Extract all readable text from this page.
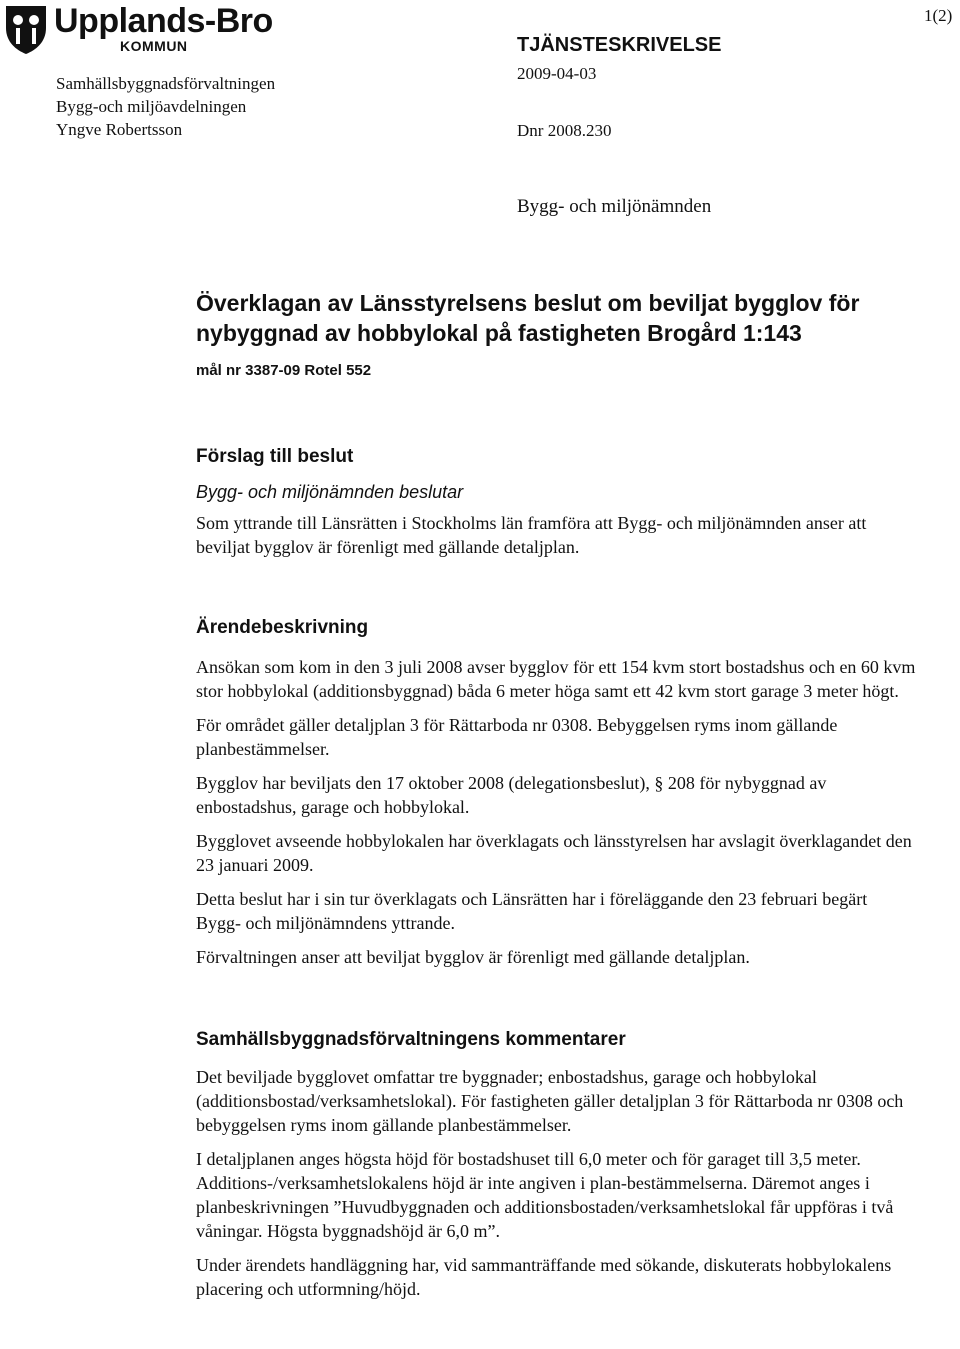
Upplands-Bro
KOMMUN
Samhällsbyggnadsförvaltningen
Bygg-och miljöavdelningen
Yngve Robertsson
TJÄNSTESKRIVELSE
2009-04-03
Dnr 2008.230
1(2)
Bygg- och miljönämnden
Överklagan av Länsstyrelsens beslut om beviljat bygglov för nybyggnad av hobbylokal på fastigheten Brogård 1:143
mål nr 3387-09 Rotel 552
Förslag till beslut
Bygg- och miljönämnden beslutar

Som yttrande till Länsrätten i Stockholms län framföra att Bygg- och miljönämnden anser att beviljat bygglov är förenligt med gällande detaljplan.

Ärendebeskrivning

Ansökan som kom in den 3 juli 2008 avser bygglov för ett 154 kvm stort bostadshus och en 60 kvm stor hobbylokal (additionsbyggnad) båda 6 meter höga samt ett 42 kvm stort garage 3 meter högt.

För området gäller detaljplan 3 för Rättarboda nr 0308. Bebyggelsen ryms inom gällande planbestämmelser.

Bygglov har beviljats den 17 oktober 2008 (delegationsbeslut), § 208 för nybyggnad av enbostadshus, garage och hobbylokal.

Bygglovet avseende hobbylokalen har överklagats och länsstyrelsen har avslagit överklagandet den 23 januari 2009.

Detta beslut har i sin tur överklagats och Länsrätten har i föreläggande den 23 februari begärt Bygg- och miljönämndens yttrande.

Förvaltningen anser att beviljat bygglov är förenligt med gällande detaljplan.

Samhällsbyggnadsförvaltningens kommentarer

Det beviljade bygglovet omfattar tre byggnader; enbostadshus, garage och hobbylokal (additionsbostad/verksamhetslokal). För fastigheten gäller detaljplan 3 för Rättarboda nr 0308 och bebyggelsen ryms inom gällande planbestämmelser.

I detaljplanen anges högsta höjd för bostadshuset till 6,0 meter och för garaget till 3,5 meter. Additions-/verksamhetslokalens höjd är inte angiven i plan-bestämmelserna. Däremot anges i planbeskrivningen ”Huvudbyggnaden och additionsbostaden/verksamhetslokal får uppföras i två våningar. Högsta byggnadshöjd är 6,0 m”.

Under ärendets handläggning har, vid sammanträffande med sökande, diskuterats hobbylokalens placering och utformning/höjd.
